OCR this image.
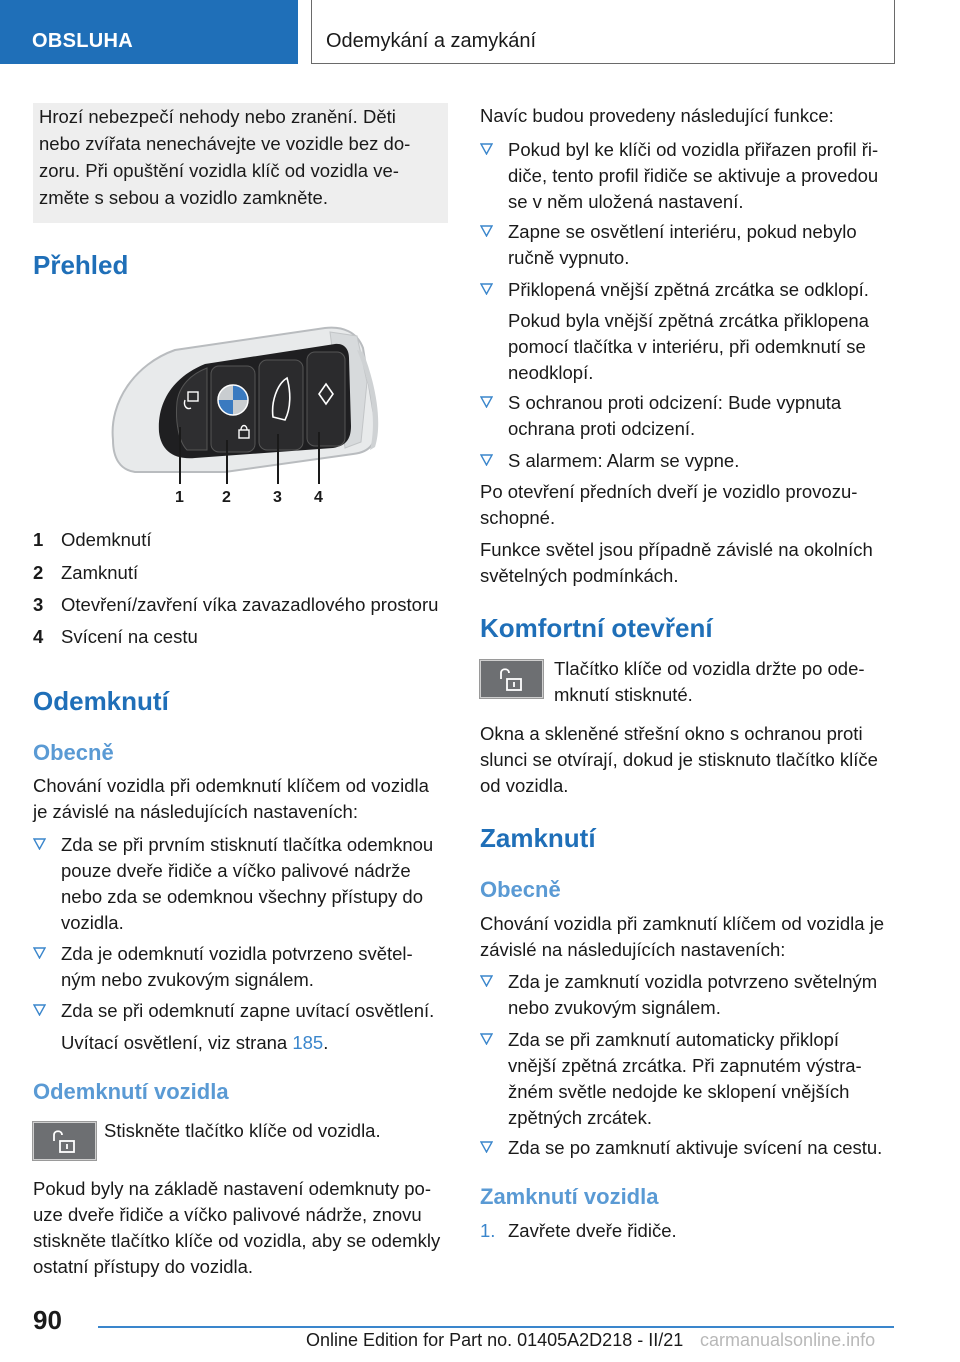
OBSLUHA	Odemykání a zamykání
Hrozí nebezpečí nehody nebo zranění. Děti
nebo zvířata nenechávejte ve vozidle bez do-
zoru. Při opuštění vozidla klíč od vozidla ve-
změte s sebou a vozidlo zamkněte.
Přehled
1 2	3 4
1 Odemknutí
2 Zamknutí
3 Otevření/zavření víka zavazadlového prostoru
4 Svícení na cestu
Odemknutí
Obecně
Chování vozidla při odemknutí klíčem od vozidla
je závislé na následujících nastaveních:
Zda se při prvním stisknutí tlačítka odemknou
pouze dveře řidiče a víčko palivové nádrže
nebo zda se odemknou všechny přístupy do
vozidla.
Zda je odemknutí vozidla potvrzeno světel-
ným nebo zvukovým signálem.
Zda se při odemknutí zapne uvítací osvětlení.
Uvítací osvětlení, viz strana 185.
Odemknutí vozidla
Stiskněte tlačítko klíče od vozidla.
Pokud byly na základě nastavení odemknuty po-
uze dveře řidiče a víčko palivové nádrže, znovu
stiskněte tlačítko klíče od vozidla, aby se odemkly
ostatní přístupy do vozidla.
Navíc budou provedeny následující funkce:
Pokud byl ke klíči od vozidla přiřazen profil ři-
diče, tento profil řidiče se aktivuje a provedou
se v něm uložená nastavení.
Zapne se osvětlení interiéru, pokud nebylo
ručně vypnuto.
Přiklopená vnější zpětná zrcátka se odklopí.
Pokud byla vnější zpětná zrcátka přiklopena
pomocí tlačítka v interiéru, při odemknutí se
neodklopí.
S ochranou proti odcizení: Bude vypnuta
ochrana proti odcizení.
S alarmem: Alarm se vypne.
Po otevření předních dveří je vozidlo provozu-
schopné.
Funkce světel jsou případně závislé na okolních
světelných podmínkách.
Komfortní otevření
Tlačítko klíče od vozidla držte po ode-
mknutí stisknuté.
Okna a skleněné střešní okno s ochranou proti
slunci se otvírají, dokud je stisknuto tlačítko klíče
od vozidla.
Zamknutí
Obecně
Chování vozidla při zamknutí klíčem od vozidla je
závislé na následujících nastaveních:
Zda je zamknutí vozidla potvrzeno světelným
nebo zvukovým signálem.
Zda se při zamknutí automaticky přiklopí
vnější zpětná zrcátka. Při zapnutém výstra-
žném světle nedojde ke sklopení vnějších
zpětných zrcátek.
Zda se po zamknutí aktivuje svícení na cestu.
Zamknutí vozidla
1. Zavřete dveře řidiče.
90
Online Edition for Part no. 01405A2D218 - II/21 carmanualsonline.info
